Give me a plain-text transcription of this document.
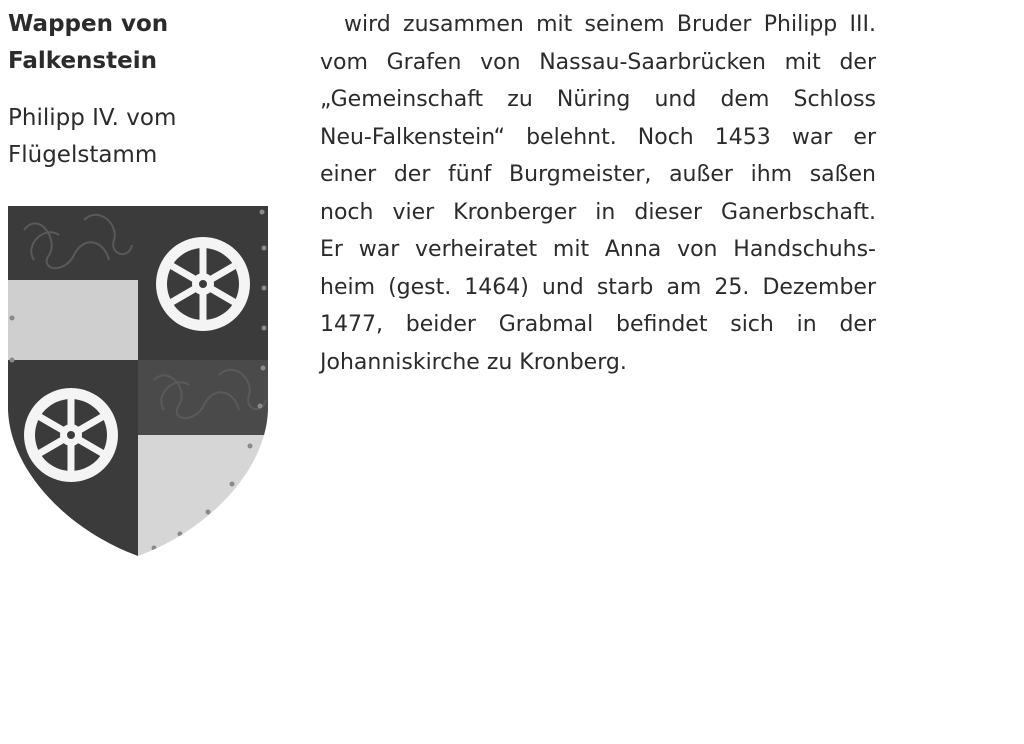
Wappen von
Falkenstein

Philipp IV. vom
Flügelstamm

wird zusammen mit seinem Bruder Philipp III.
vom Grafen von Nassau-Saarbrücken mit der
„Gemeinschaft zu Nüring und dem Schloss
Neu-Falkenstein“ belehnt. Noch 1453 war er
einer der fünf Burgmeister, außer ihm saßen
noch vier Kronberger in dieser Ganerbschaft.
Er war verheiratet mit Anna von Handschuhs-
heim (gest. 1464) und starb am 25. Dezember
1477, beider Grabmal befindet sich in der
Johanniskirche zu Kronberg.
